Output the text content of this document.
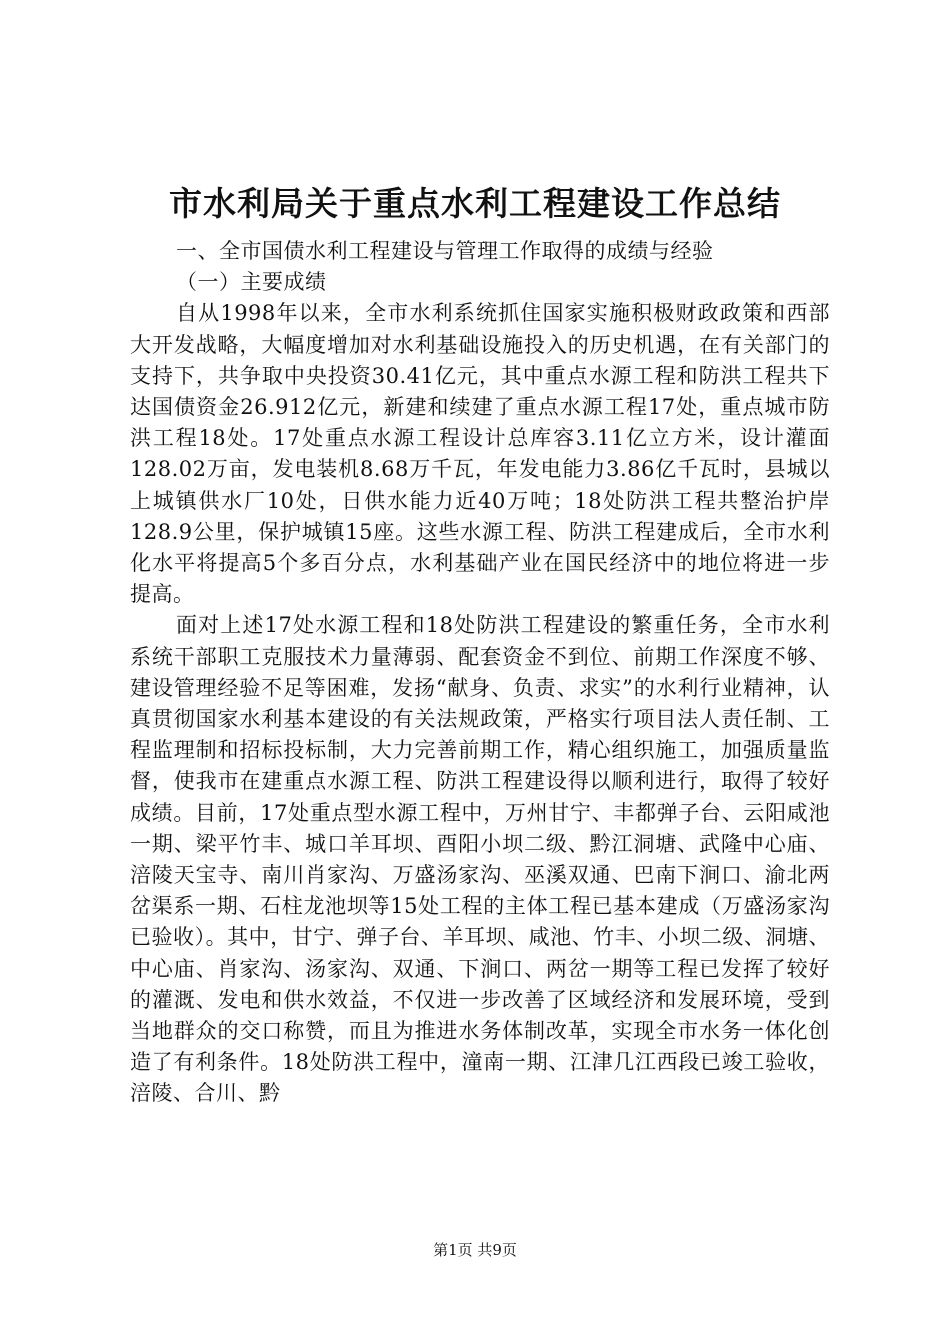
市水利局关于重点水利工程建设工作总结

一、全市国债水利工程建设与管理工作取得的成绩与经验

（一）主要成绩

自从1998年以来，全市水利系统抓住国家实施积极财政政策和西部大开发战略，大幅度增加对水利基础设施投入的历史机遇，在有关部门的支持下，共争取中央投资30.41亿元，其中重点水源工程和防洪工程共下达国债资金26.912亿元，新建和续建了重点水源工程17处，重点城市防洪工程18处。17处重点水源工程设计总库容3.11亿立方米，设计灌面128.02万亩，发电装机8.68万千瓦，年发电能力3.86亿千瓦时，县城以上城镇供水厂10处，日供水能力近40万吨；18处防洪工程共整治护岸128.9公里，保护城镇15座。这些水源工程、防洪工程建成后，全市水利化水平将提高5个多百分点，水利基础产业在国民经济中的地位将进一步提高。

面对上述17处水源工程和18处防洪工程建设的繁重任务，全市水利系统干部职工克服技术力量薄弱、配套资金不到位、前期工作深度不够、建设管理经验不足等困难，发扬“献身、负责、求实”的水利行业精神，认真贯彻国家水利基本建设的有关法规政策，严格实行项目法人责任制、工程监理制和招标投标制，大力完善前期工作，精心组织施工，加强质量监督，使我市在建重点水源工程、防洪工程建设得以顺利进行，取得了较好成绩。目前，17处重点型水源工程中，万州甘宁、丰都弹子台、云阳咸池一期、梁平竹丰、城口羊耳坝、酉阳小坝二级、黔江洞塘、武隆中心庙、涪陵天宝寺、南川肖家沟、万盛汤家沟、巫溪双通、巴南下涧口、渝北两岔渠系一期、石柱龙池坝等15处工程的主体工程已基本建成（万盛汤家沟已验收）。其中，甘宁、弹子台、羊耳坝、咸池、竹丰、小坝二级、洞塘、中心庙、肖家沟、汤家沟、双通、下涧口、两岔一期等工程已发挥了较好的灌溉、发电和供水效益，不仅进一步改善了区域经济和发展环境，受到当地群众的交口称赞，而且为推进水务体制改革，实现全市水务一体化创造了有利条件。18处防洪工程中，潼南一期、江津几江西段已竣工验收，涪陵、合川、黔

第1页 共9页
